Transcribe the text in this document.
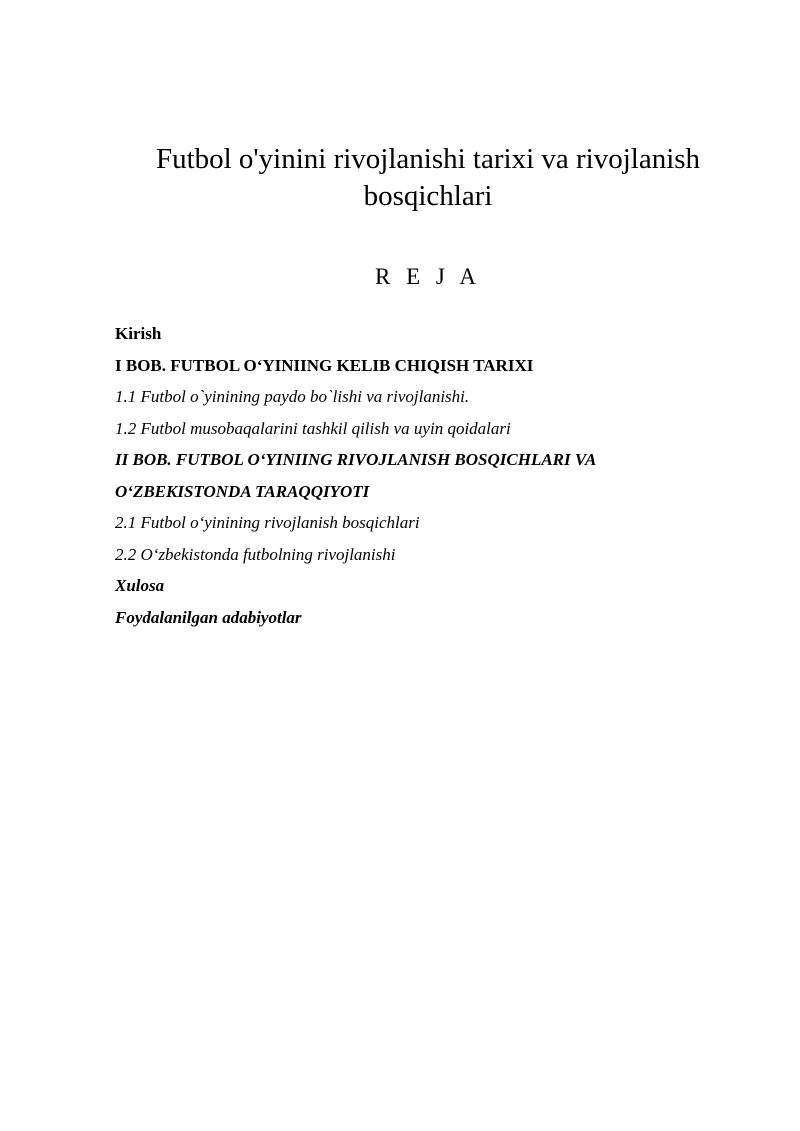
Futbol o'yinini rivojlanishi tarixi va rivojlanish bosqichlari
R E J A
Kirish
I BOB. FUTBOL O‘YINIING KELIB CHIQISH TARIXI
1.1 Futbol o`yinining paydo bo`lishi va rivojlanishi.
1.2 Futbol musobaqalarini tashkil qilish va uyin qoidalari
II BOB. FUTBOL O‘YINIING RIVOJLANISH BOSQICHLARI VA
O‘ZBEKISTONDA TARAQQIYOTI
2.1 Futbol o‘yinining rivojlanish bosqichlari
2.2 O‘zbekistonda futbolning rivojlanishi
Xulosa
Foydalanilgan adabiyotlar
